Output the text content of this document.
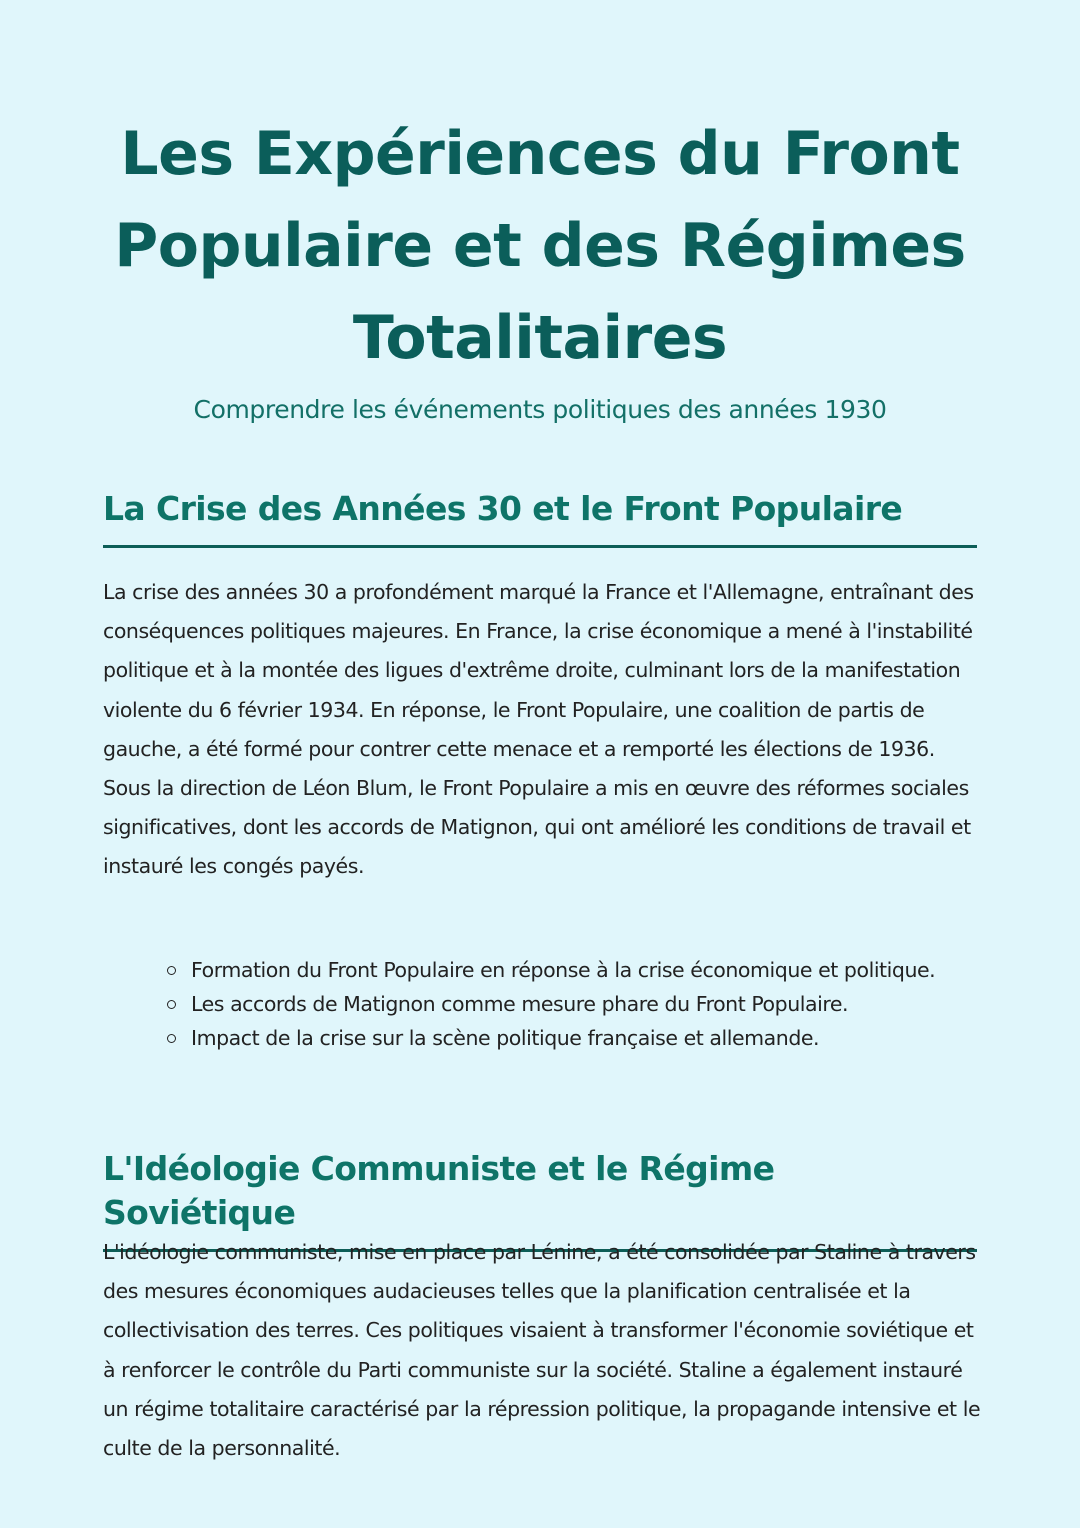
Les Expériences du Front Populaire et des Régimes Totalitaires
Comprendre les événements politiques des années 1930
La Crise des Années 30 et le Front Populaire

La crise des années 30 a profondément marqué la France et l'Allemagne, entraînant des conséquences politiques majeures. En France, la crise économique a mené à l'instabilité politique et à la montée des ligues d'extrême droite, culminant lors de la manifestation violente du 6 février 1934. En réponse, le Front Populaire, une coalition de partis de gauche, a été formé pour contrer cette menace et a remporté les élections de 1936. Sous la direction de Léon Blum, le Front Populaire a mis en œuvre des réformes sociales significatives, dont les accords de Matignon, qui ont amélioré les conditions de travail et instauré les congés payés.

Formation du Front Populaire en réponse à la crise économique et politique.
Les accords de Matignon comme mesure phare du Front Populaire.
Impact de la crise sur la scène politique française et allemande.
L'Idéologie Communiste et le Régime Soviétique

L'idéologie communiste, mise en place par Lénine, a été consolidée par Staline à travers des mesures économiques audacieuses telles que la planification centralisée et la collectivisation des terres. Ces politiques visaient à transformer l'économie soviétique et à renforcer le contrôle du Parti communiste sur la société. Staline a également instauré un régime totalitaire caractérisé par la répression politique, la propagande intensive et le culte de la personnalité.
